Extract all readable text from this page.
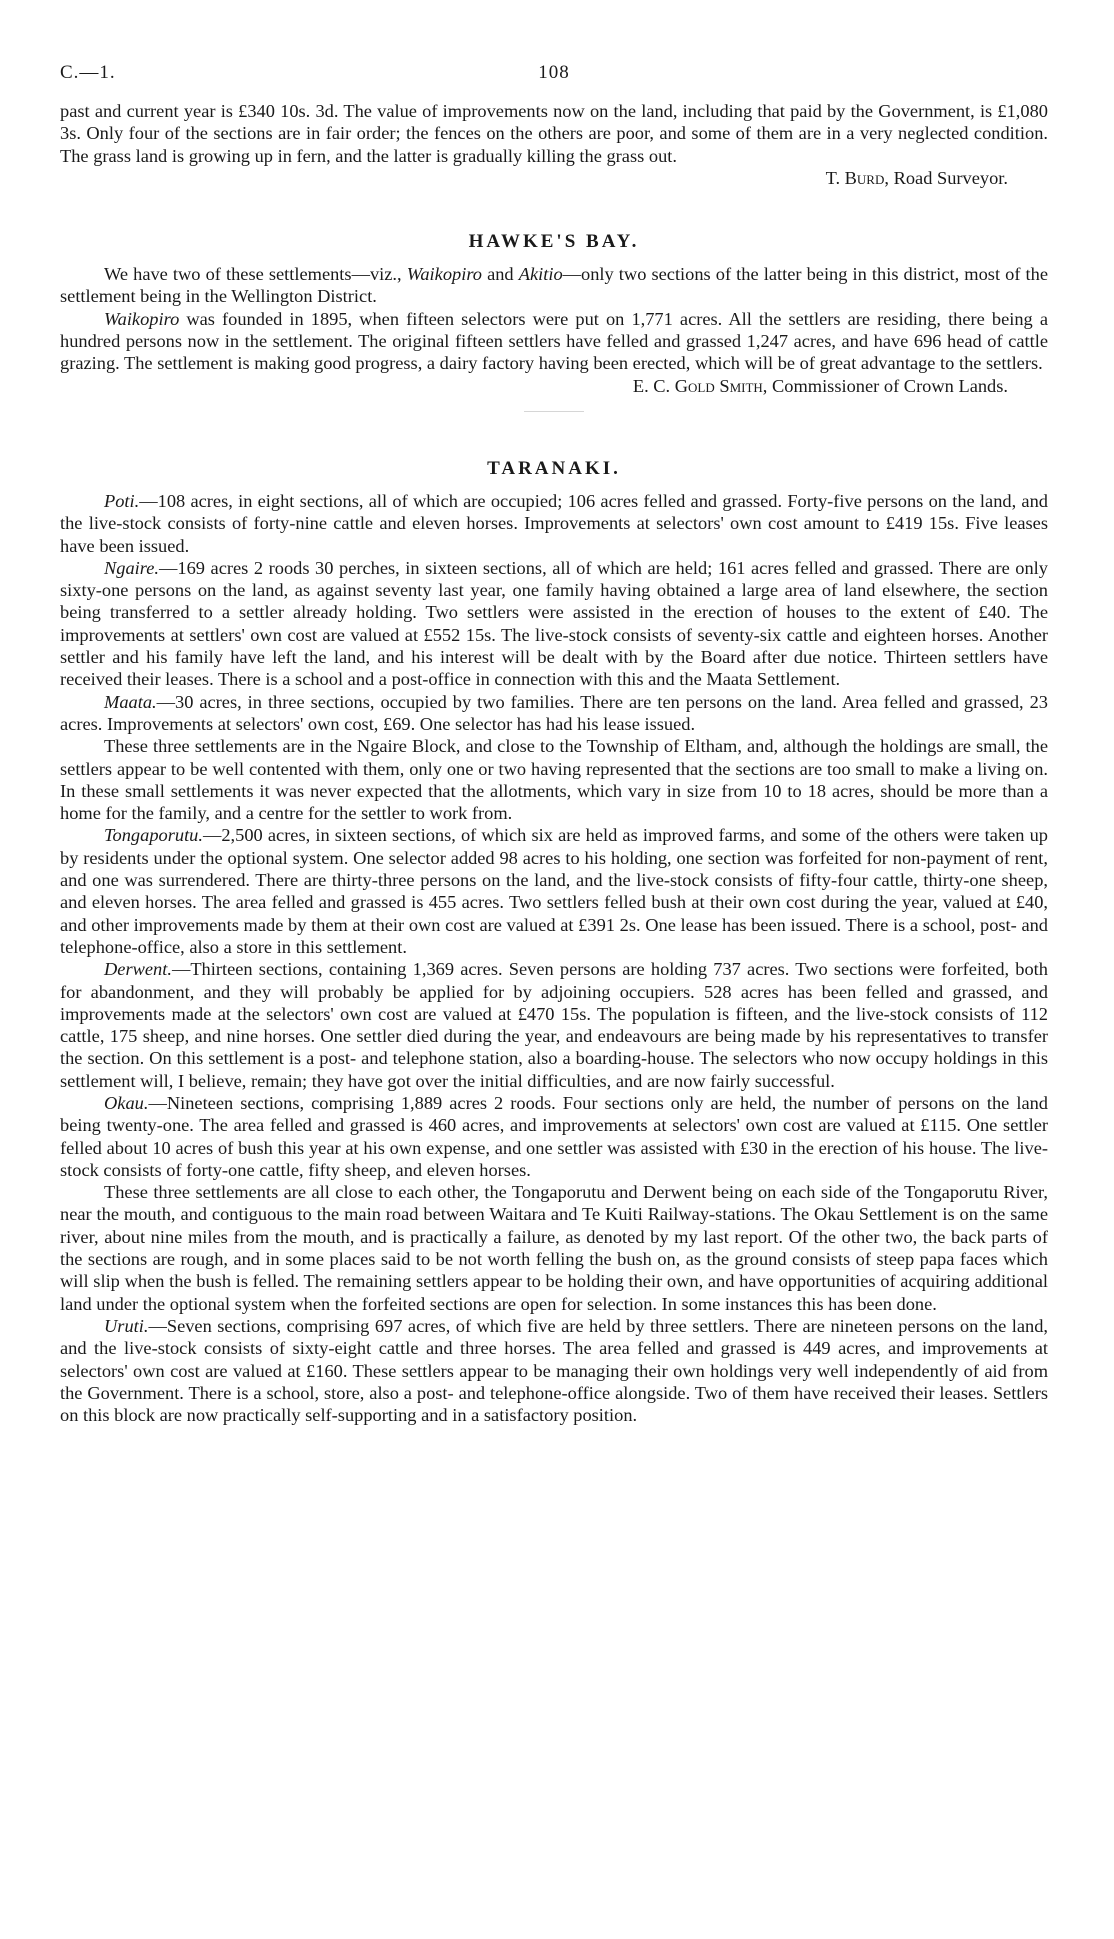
C.—1.	108

past and current year is £340 10s. 3d. The value of improvements now on the land, including that paid by the Government, is £1,080 3s. Only four of the sections are in fair order; the fences on the others are poor, and some of them are in a very neglected condition. The grass land is growing up in fern, and the latter is gradually killing the grass out.

T. Burd, Road Surveyor.
HAWKE'S BAY.

We have two of these settlements—viz., Waikopiro and Akitio—only two sections of the latter being in this district, most of the settlement being in the Wellington District.

Waikopiro was founded in 1895, when fifteen selectors were put on 1,771 acres. All the settlers are residing, there being a hundred persons now in the settlement. The original fifteen settlers have felled and grassed 1,247 acres, and have 696 head of cattle grazing. The settlement is making good progress, a dairy factory having been erected, which will be of great advantage to the settlers.
E. C. Gold Smith, Commissioner of Crown Lands.

TARANAKI.

Poti.—108 acres, in eight sections, all of which are occupied; 106 acres felled and grassed. Forty-five persons on the land, and the live-stock consists of forty-nine cattle and eleven horses. Improvements at selectors' own cost amount to £419 15s. Five leases have been issued.

Ngaire.—169 acres 2 roods 30 perches, in sixteen sections, all of which are held; 161 acres felled and grassed. There are only sixty-one persons on the land, as against seventy last year, one family having obtained a large area of land elsewhere, the section being transferred to a settler already holding. Two settlers were assisted in the erection of houses to the extent of £40. The improvements at settlers' own cost are valued at £552 15s. The live-stock consists of seventy-six cattle and eighteen horses. Another settler and his family have left the land, and his interest will be dealt with by the Board after due notice. Thirteen settlers have received their leases. There is a school and a post-office in connection with this and the Maata Settlement.

Maata.—30 acres, in three sections, occupied by two families. There are ten persons on the land. Area felled and grassed, 23 acres. Improvements at selectors' own cost, £69. One selector has had his lease issued.

These three settlements are in the Ngaire Block, and close to the Township of Eltham, and, although the holdings are small, the settlers appear to be well contented with them, only one or two having represented that the sections are too small to make a living on. In these small settlements it was never expected that the allotments, which vary in size from 10 to 18 acres, should be more than a home for the family, and a centre for the settler to work from.

Tongaporutu.—2,500 acres, in sixteen sections, of which six are held as improved farms, and some of the others were taken up by residents under the optional system. One selector added 98 acres to his holding, one section was forfeited for non-payment of rent, and one was surrendered. There are thirty-three persons on the land, and the live-stock consists of fifty-four cattle, thirty-one sheep, and eleven horses. The area felled and grassed is 455 acres. Two settlers felled bush at their own cost during the year, valued at £40, and other improvements made by them at their own cost are valued at £391 2s. One lease has been issued. There is a school, post- and telephone-office, also a store in this settlement.

Derwent.—Thirteen sections, containing 1,369 acres. Seven persons are holding 737 acres. Two sections were forfeited, both for abandonment, and they will probably be applied for by adjoining occupiers. 528 acres has been felled and grassed, and improvements made at the selectors' own cost are valued at £470 15s. The population is fifteen, and the live-stock consists of 112 cattle, 175 sheep, and nine horses. One settler died during the year, and endeavours are being made by his representatives to transfer the section. On this settlement is a post- and telephone station, also a boarding-house. The selectors who now occupy holdings in this settlement will, I believe, remain; they have got over the initial difficulties, and are now fairly successful.

Okau.—Nineteen sections, comprising 1,889 acres 2 roods. Four sections only are held, the number of persons on the land being twenty-one. The area felled and grassed is 460 acres, and improvements at selectors' own cost are valued at £115. One settler felled about 10 acres of bush this year at his own expense, and one settler was assisted with £30 in the erection of his house. The live-stock consists of forty-one cattle, fifty sheep, and eleven horses.

These three settlements are all close to each other, the Tongaporutu and Derwent being on each side of the Tongaporutu River, near the mouth, and contiguous to the main road between Waitara and Te Kuiti Railway-stations. The Okau Settlement is on the same river, about nine miles from the mouth, and is practically a failure, as denoted by my last report. Of the other two, the back parts of the sections are rough, and in some places said to be not worth felling the bush on, as the ground consists of steep papa faces which will slip when the bush is felled. The remaining settlers appear to be holding their own, and have opportunities of acquiring additional land under the optional system when the forfeited sections are open for selection. In some instances this has been done.

Uruti.—Seven sections, comprising 697 acres, of which five are held by three settlers. There are nineteen persons on the land, and the live-stock consists of sixty-eight cattle and three horses. The area felled and grassed is 449 acres, and improvements at selectors' own cost are valued at £160. These settlers appear to be managing their own holdings very well independently of aid from the Government. There is a school, store, also a post- and telephone-office alongside. Two of them have received their leases. Settlers on this block are now practically self-supporting and in a satisfactory position.
